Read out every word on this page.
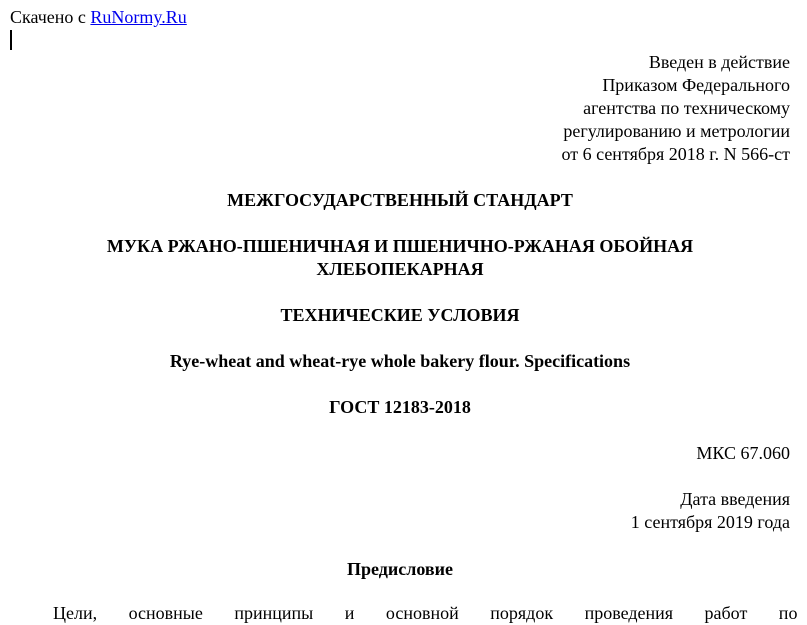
Скачено с RuNormy.Ru
Введен в действие
Приказом Федерального
агентства по техническому
регулированию и метрологии
от 6 сентября 2018 г. N 566-ст
МЕЖГОСУДАРСТВЕННЫЙ СТАНДАРТ
МУКА РЖАНО-ПШЕНИЧНАЯ И ПШЕНИЧНО-РЖАНАЯ ОБОЙНАЯ ХЛЕБОПЕКАРНАЯ
ТЕХНИЧЕСКИЕ УСЛОВИЯ
Rye-wheat and wheat-rye whole bakery flour. Specifications
ГОСТ 12183-2018
МКС 67.060
Дата введения
1 сентября 2019 года
Предисловие
Цели, основные принципы и основной порядок проведения работ по
